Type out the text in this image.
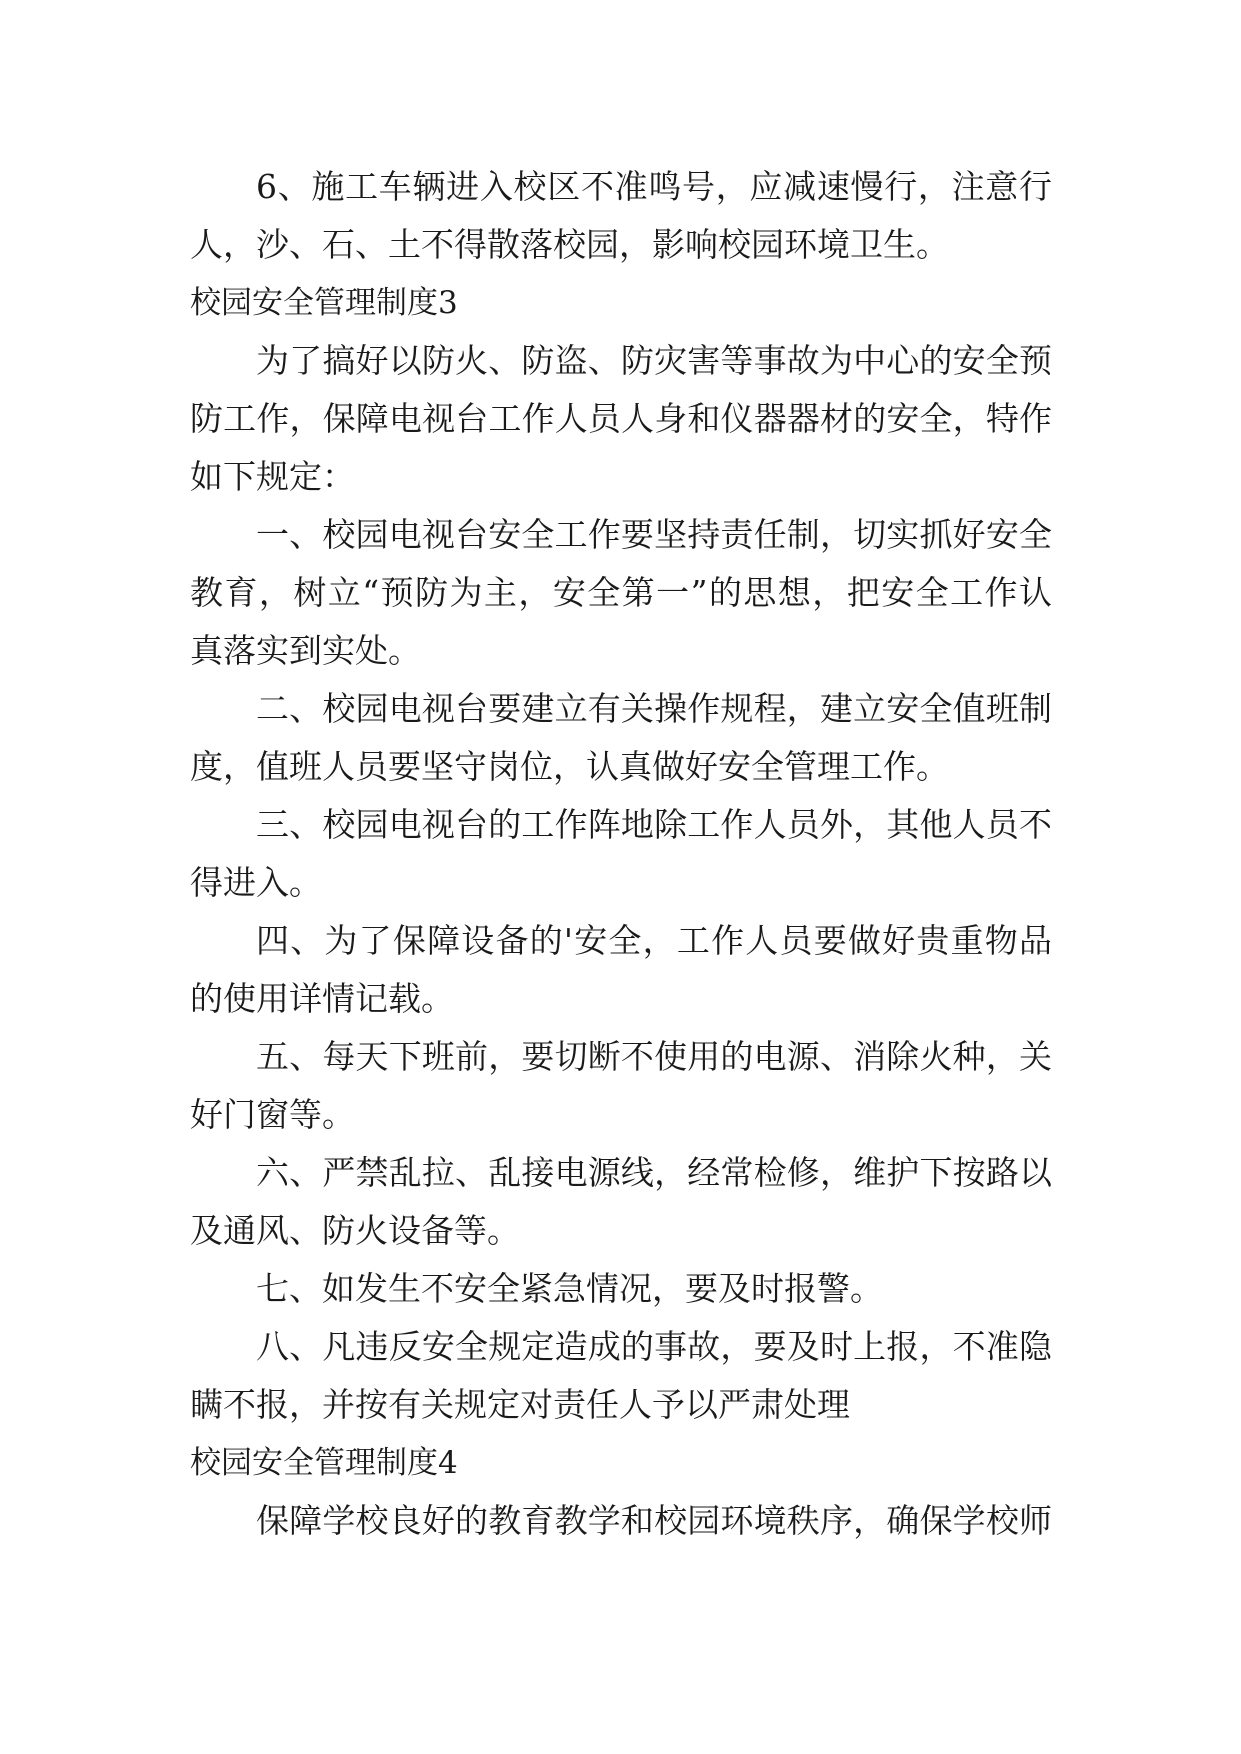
6、施工车辆进入校区不准鸣号，应减速慢行，注意行
人，沙、石、土不得散落校园，影响校园环境卫生。
校园安全管理制度3
为了搞好以防火、防盗、防灾害等事故为中心的安全预
防工作，保障电视台工作人员人身和仪器器材的安全，特作
如下规定：
一、校园电视台安全工作要坚持责任制，切实抓好安全
教育，树立“预防为主，安全第一”的思想，把安全工作认
真落实到实处。
二、校园电视台要建立有关操作规程，建立安全值班制
度，值班人员要坚守岗位，认真做好安全管理工作。
三、校园电视台的工作阵地除工作人员外，其他人员不
得进入。
四、为了保障设备的'安全，工作人员要做好贵重物品
的使用详情记载。
五、每天下班前，要切断不使用的电源、消除火种，关
好门窗等。
六、严禁乱拉、乱接电源线，经常检修，维护下按路以
及通风、防火设备等。
七、如发生不安全紧急情况，要及时报警。
八、凡违反安全规定造成的事故，要及时上报，不准隐
瞒不报，并按有关规定对责任人予以严肃处理
校园安全管理制度4
保障学校良好的教育教学和校园环境秩序，确保学校师
